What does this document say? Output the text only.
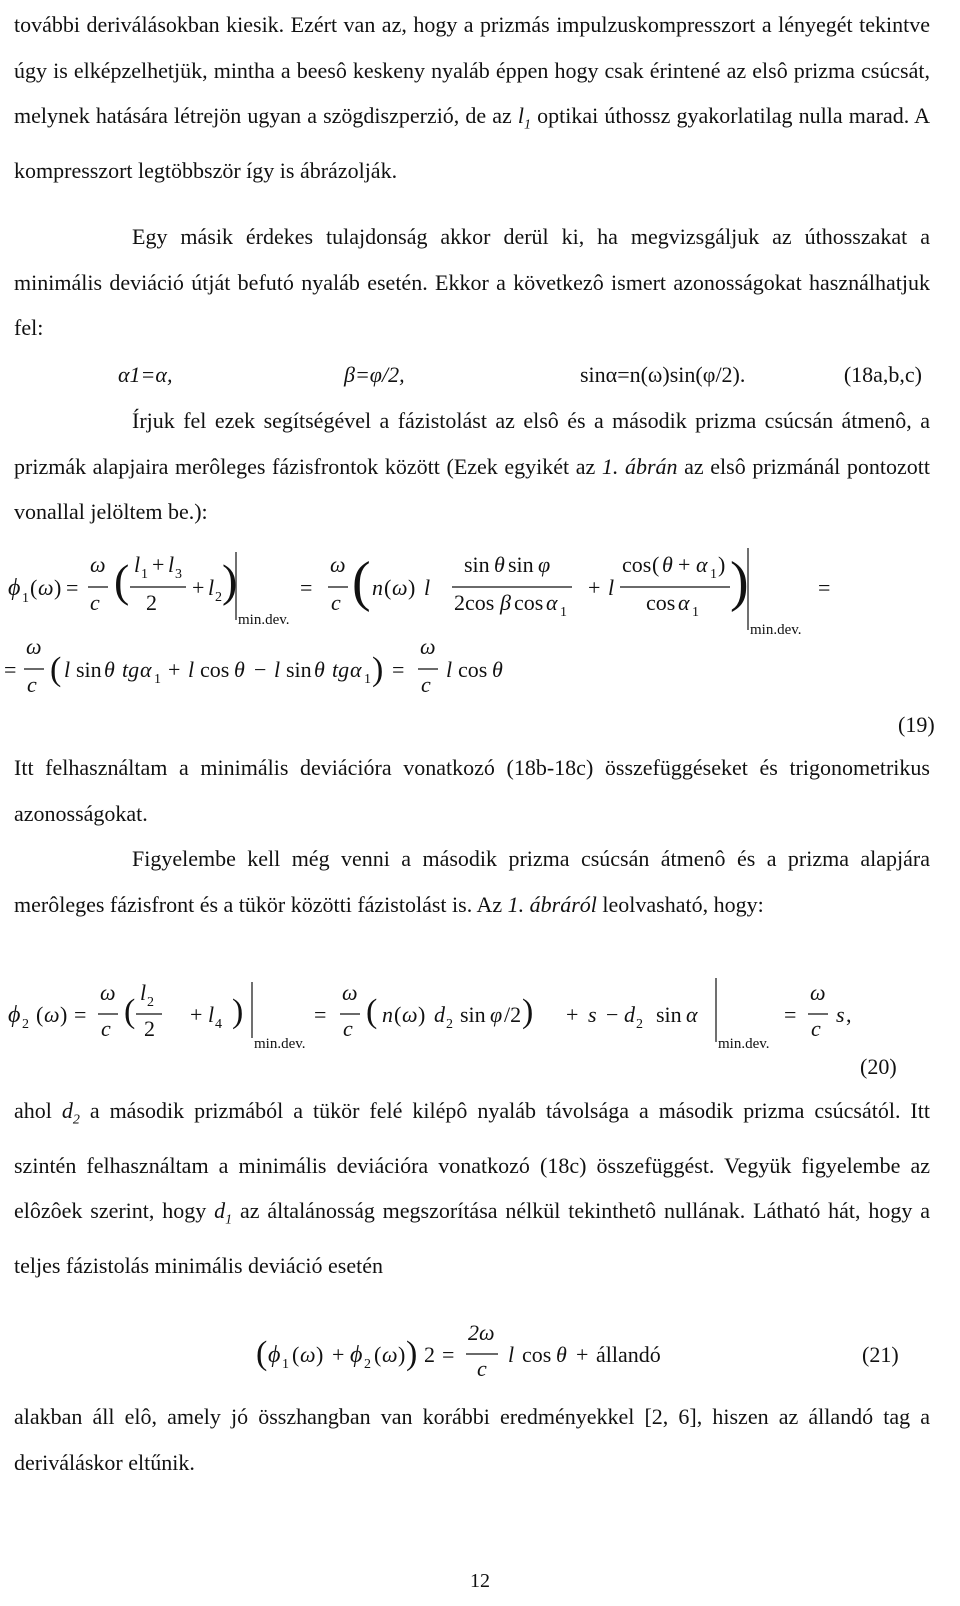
további deriválásokban kiesik. Ezért van az, hogy a prizmás impulzuskompresszort a lényegét tekintve úgy is elképzelhetjük, mintha a beesô keskeny nyaláb éppen hogy csak érintené az elsô prizma csúcsát, melynek hatására létrejön ugyan a szögdiszperzió, de az $l_1$ optikai úthossz gyakorlatilag nulla marad. A kompresszort legtöbbször így is ábrázolják.
Egy másik érdekes tulajdonság akkor derül ki, ha megvizsgáljuk az úthosszakat a minimális deviáció útját befutó nyaláb esetén. Ekkor a következô ismert azonosságokat használhatjuk fel:
α1=α,	β=φ/2,	sinα=n(ω)sin(φ/2).	(18a,b,c)
Írjuk fel ezek segítségével a fázistolást az elsô és a második prizma csúcsán átmenô, a prizmák alapjaira merôleges fázisfrontok között (Ezek egyikét az 1. ábrán az elsô prizmánál pontozott vonallal jelöltem be.):
ϕ 1 ( ω ) =
ω
c ( l 1 + l 3
2
+ l 2 )
min.dev.
=
ω
c ( n ( ω ) l
sin θ sin φ
2cos β cos α 1
+ l
cos ( θ + α 1 )
cos α 1 )
min.dev.
=
=
ω
c ( l sin θ tg α 1 + l cos θ − l sin θ tg α 1 ) =
ω
c
l cos θ
(19)
Itt felhasználtam a minimális deviációra vonatkozó (18b-18c) összefüggéseket és trigonometrikus azonosságokat.
Figyelembe kell még venni a második prizma csúcsán átmenô és a prizma alapjára merôleges fázisfront és a tükör közötti fázistolást is. Az 1. ábráról leolvasható, hogy:
ϕ 2 ( ω ) =
ω
c (
l 2
2
+ l 4 )
min.dev.
=
ω
c ( n ( ω ) d 2 sin φ /2 ) + s − d 2 sin α
min.dev.
=
ω
c
s ,
(20)
ahol $d_2$ a második prizmából a tükör felé kilépô nyaláb távolsága a második prizma csúcsától. Itt szintén felhasználtam a minimális deviációra vonatkozó (18c) összefüggést. Vegyük figyelembe az elôzôek szerint, hogy $d_1$ az általánosság megszorítása nélkül tekinthetô nullának. Látható hát, hogy a teljes fázistolás minimális deviáció esetén
( ϕ 1 ( ω ) + ϕ 2 ( ω ) ) 2 =
2ω
c
l cos θ + állandó	(21)
alakban áll elô, amely jó összhangban van korábbi eredményekkel [2, 6], hiszen az állandó tag a deriváláskor eltűnik.
12
